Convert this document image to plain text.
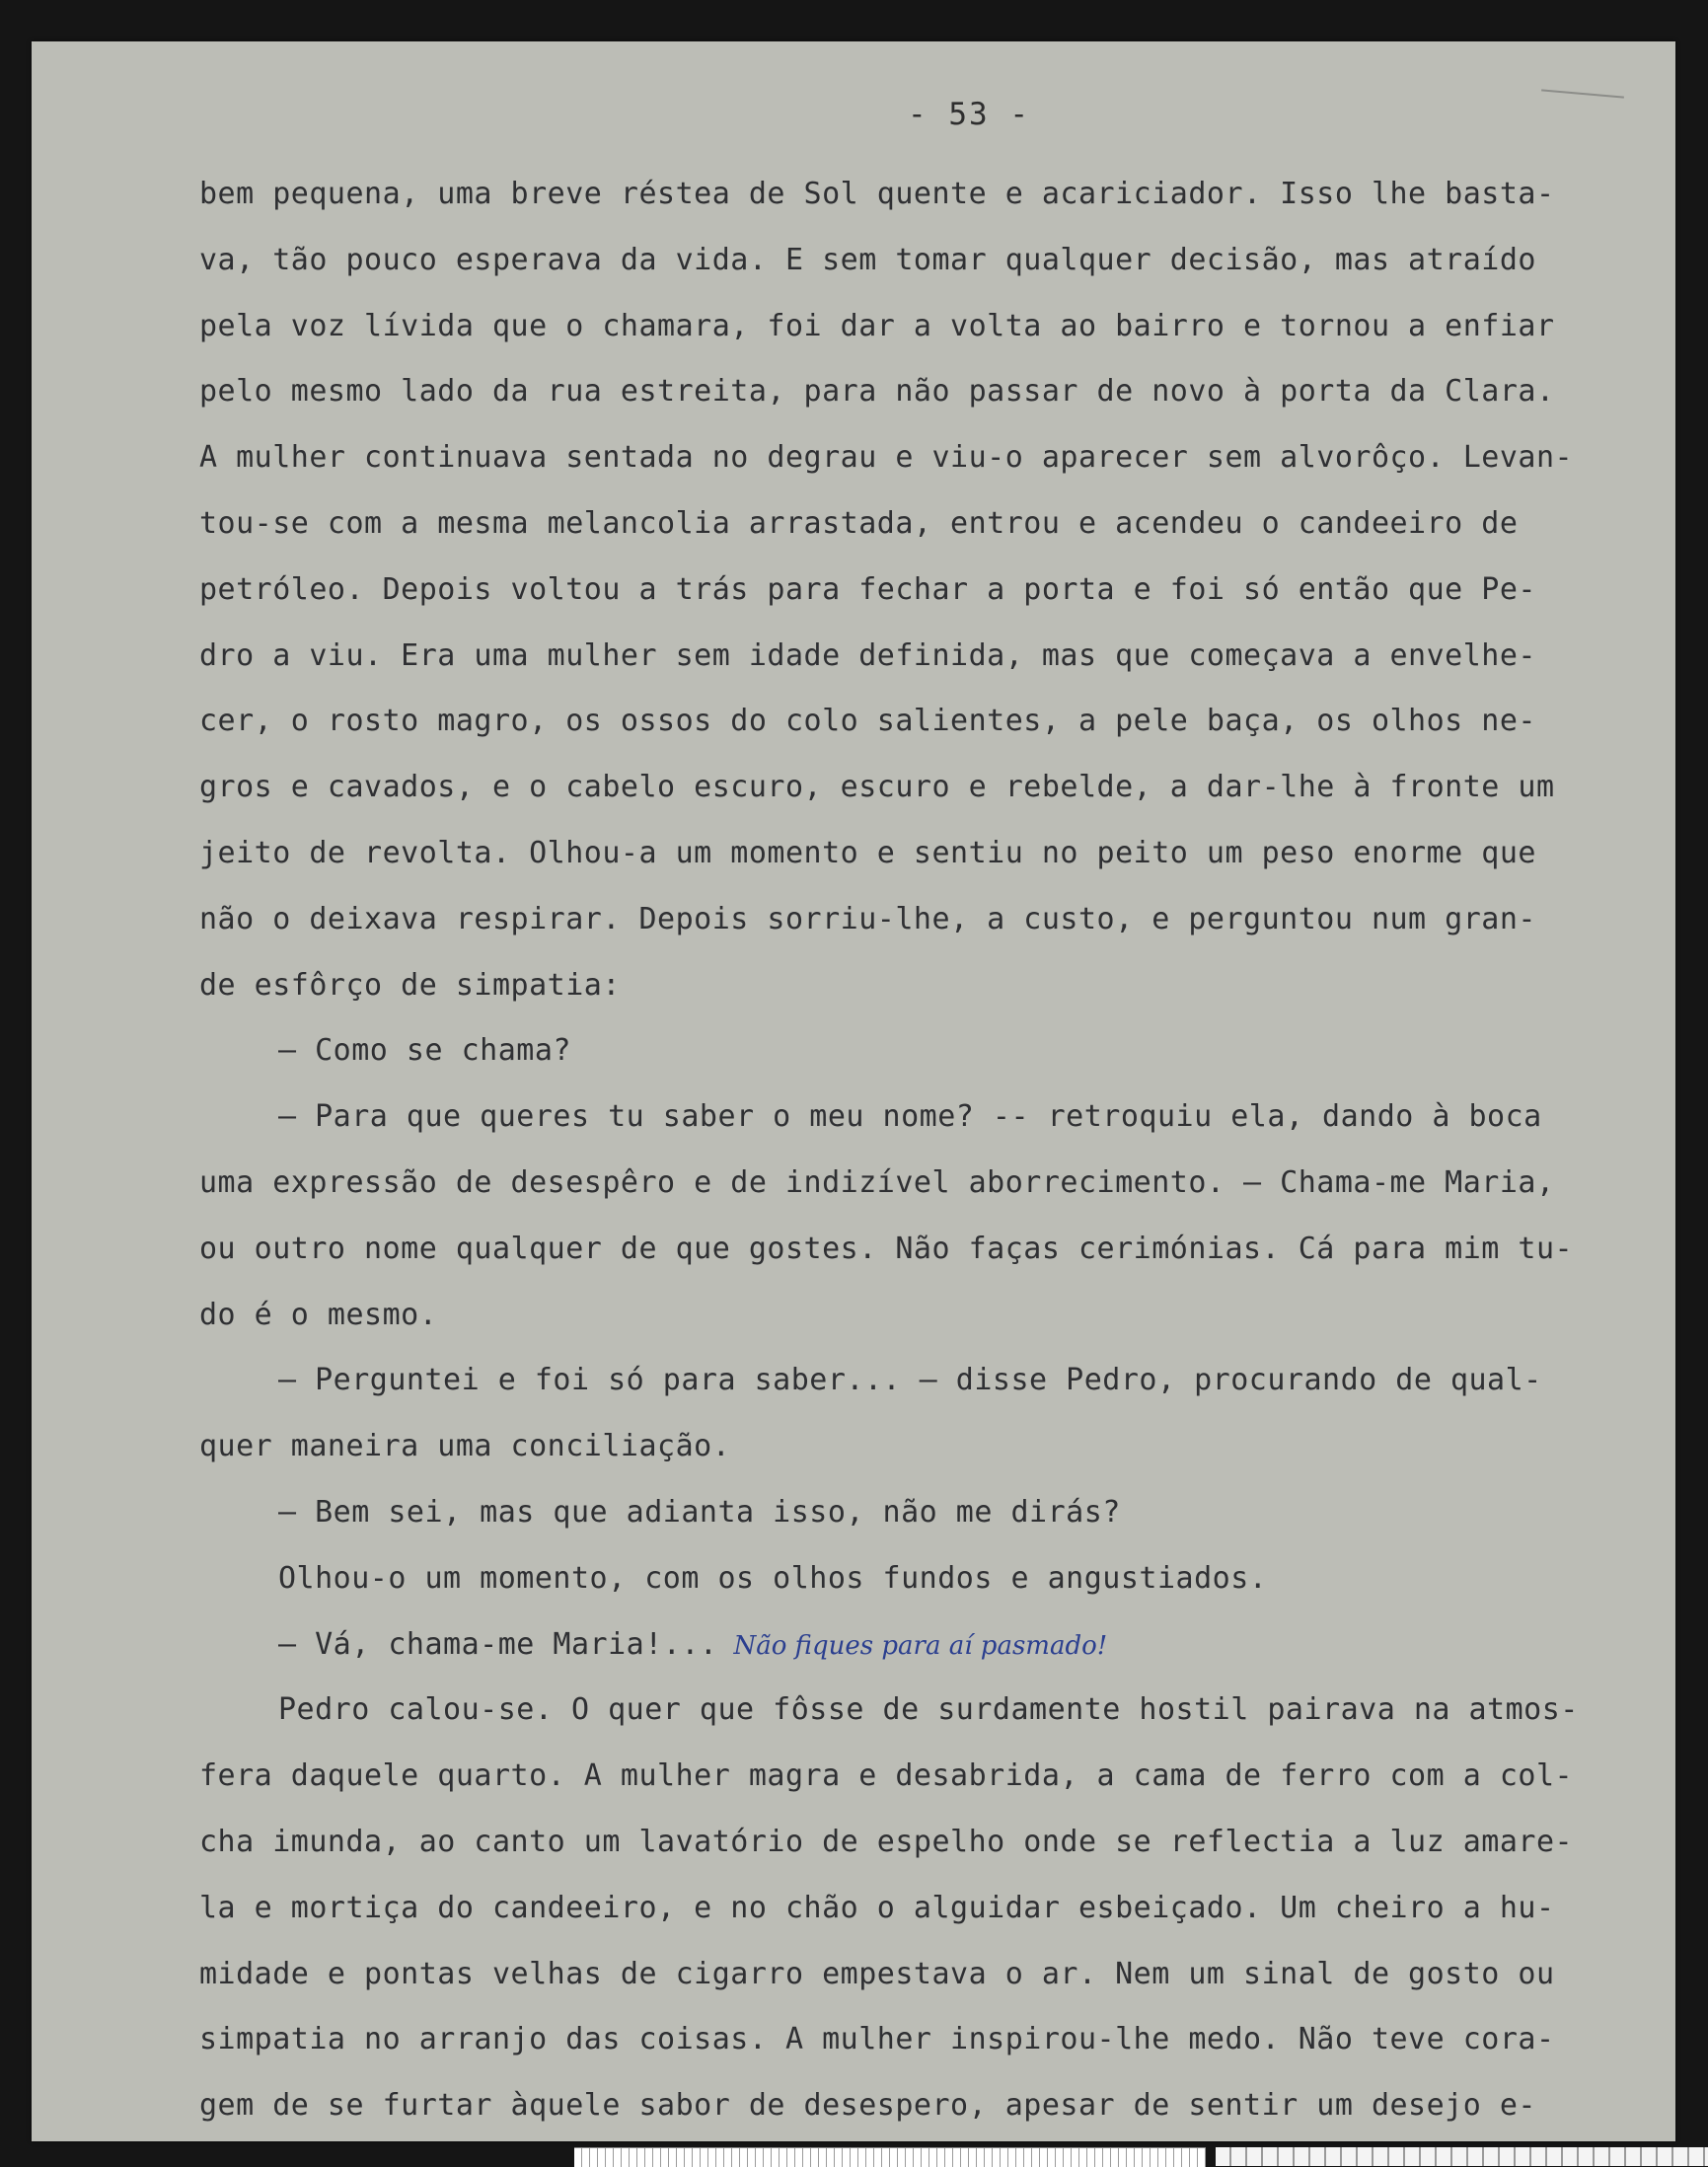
- 53 -
bem pequena, uma breve réstea de Sol quente e acariciador. Isso lhe basta-
va, tão pouco esperava da vida. E sem tomar qualquer decisão, mas atraído
pela voz lívida que o chamara, foi dar a volta ao bairro e tornou a enfiar
pelo mesmo lado da rua estreita, para não passar de novo à porta da Clara.
A mulher continuava sentada no degrau e viu-o aparecer sem alvorôço. Levan-
tou-se com a mesma melancolia arrastada, entrou e acendeu o candeeiro de
petróleo. Depois voltou a trás para fechar a porta e foi só então que Pe-
dro a viu. Era uma mulher sem idade definida, mas que começava a envelhe-
cer, o rosto magro, os ossos do colo salientes, a pele baça, os olhos ne-
gros e cavados, e o cabelo escuro, escuro e rebelde, a dar-lhe à fronte um
jeito de revolta. Olhou-a um momento e sentiu no peito um peso enorme que
não o deixava respirar. Depois sorriu-lhe, a custo, e perguntou num gran-
de esfôrço de simpatia:
— Como se chama?
— Para que queres tu saber o meu nome? -- retroquiu ela, dando à boca
uma expressão de desespêro e de indizível aborrecimento. — Chama-me Maria,
ou outro nome qualquer de que gostes. Não faças cerimónias. Cá para mim tu-
do é o mesmo.
— Perguntei e foi só para saber... — disse Pedro, procurando de qual-
quer maneira uma conciliação.
— Bem sei, mas que adianta isso, não me dirás?
Olhou-o um momento, com os olhos fundos e angustiados.
— Vá, chama-me Maria!... Não fiques para aí pasmado!
Pedro calou-se. O quer que fôsse de surdamente hostil pairava na atmos-
fera daquele quarto. A mulher magra e desabrida, a cama de ferro com a col-
cha imunda, ao canto um lavatório de espelho onde se reflectia a luz amare-
la e mortiça do candeeiro, e no chão o alguidar esbeiçado. Um cheiro a hu-
midade e pontas velhas de cigarro empestava o ar. Nem um sinal de gosto ou
simpatia no arranjo das coisas. A mulher inspirou-lhe medo. Não teve cora-
gem de se furtar àquele sabor de desespero, apesar de sentir um desejo e-
